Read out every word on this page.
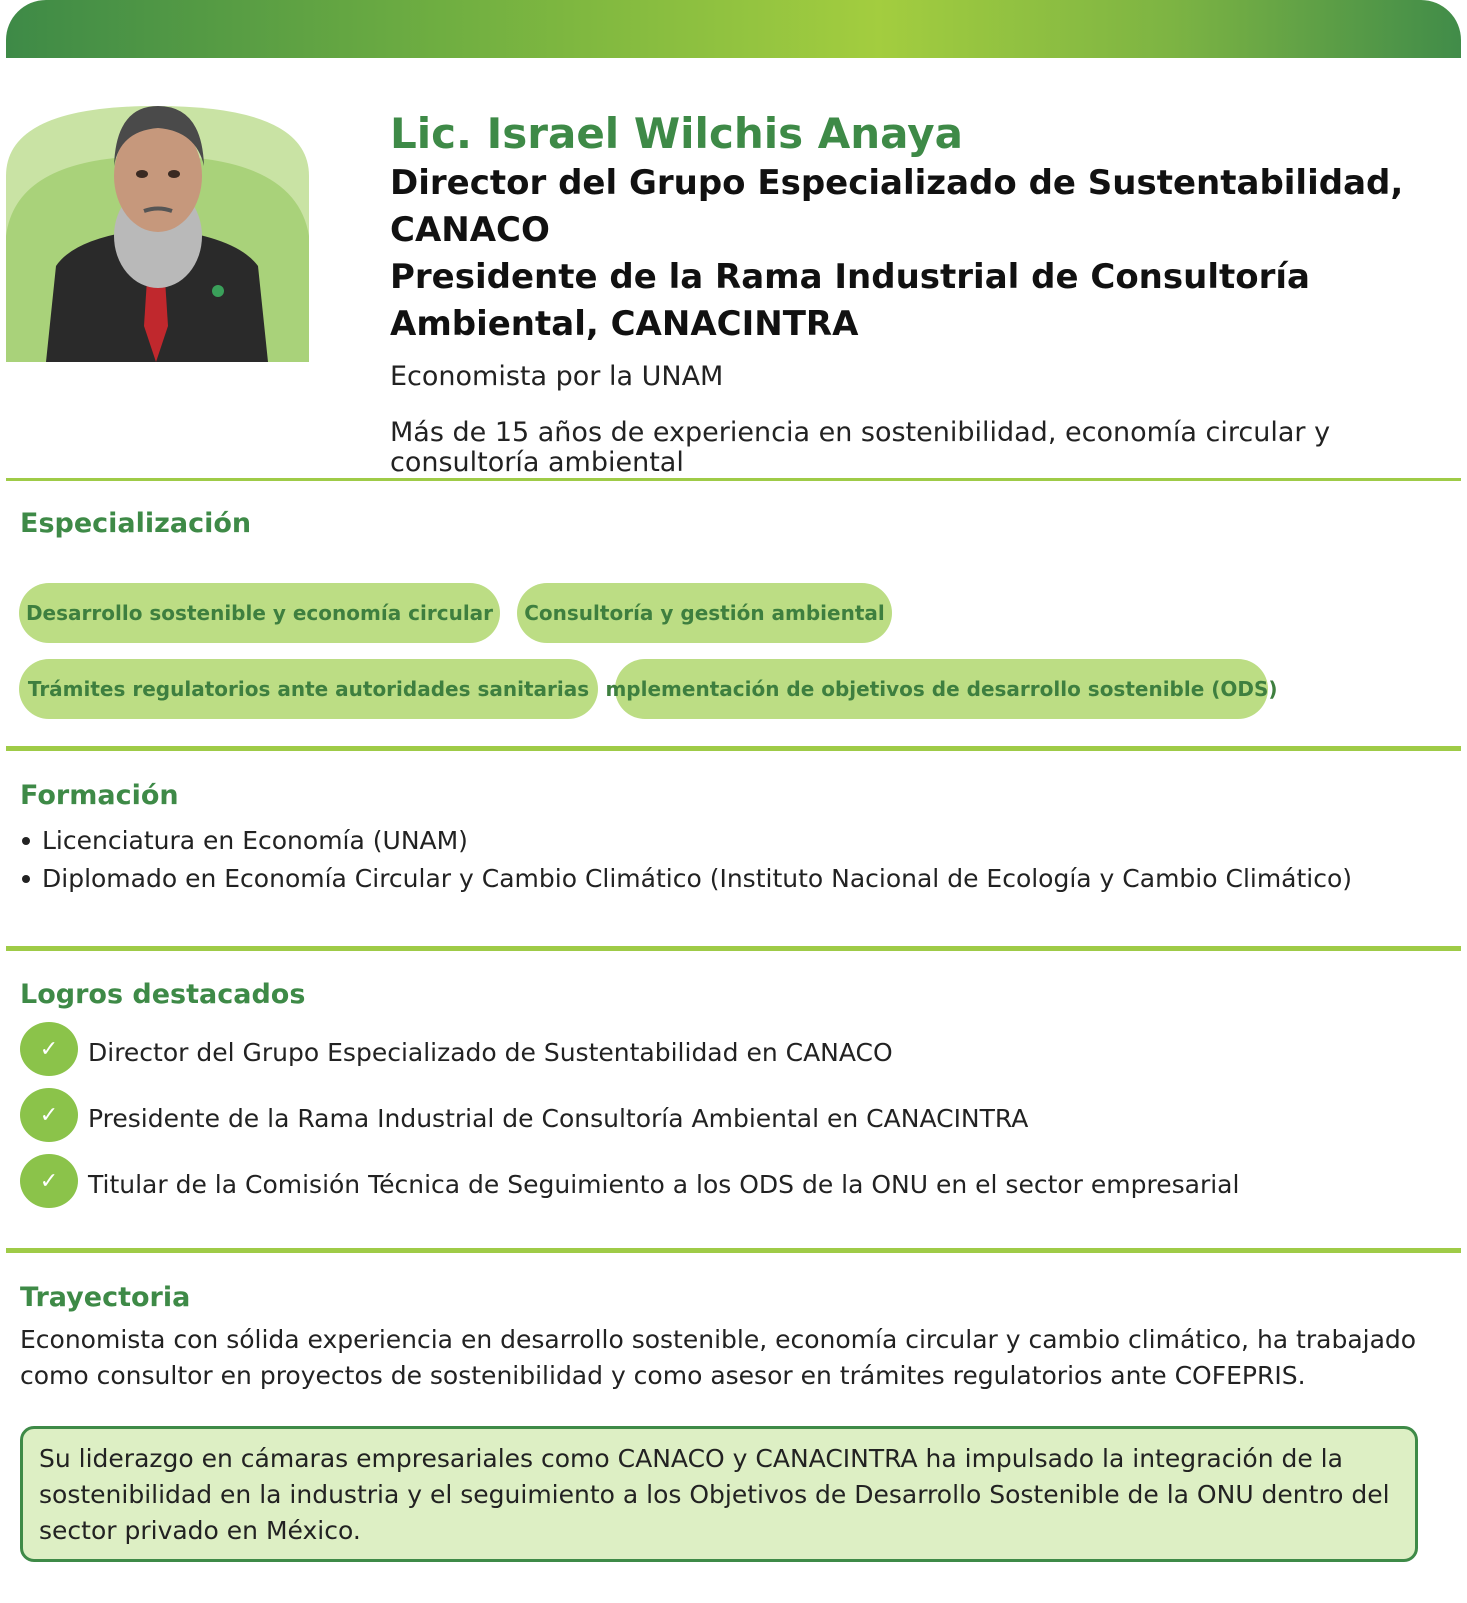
Lic. Israel Wilchis Anaya
Director del Grupo Especializado de Sustentabilidad, CANACO
Presidente de la Rama Industrial de Consultoría Ambiental, CANACINTRA

Economista por la UNAM

Más de 15 años de experiencia en sostenibilidad, economía circular y consultoría ambiental

Especialización
Desarrollo sostenible y economía circular	Consultoría y gestión ambiental
Trámites regulatorios ante autoridades sanitarias mplementación de objetivos de desarrollo sostenible (ODS)
Formación
Licenciatura en Economía (UNAM)
Diplomado en Economía Circular y Cambio Climático (Instituto Nacional de Ecología y Cambio Climático)
Logros destacados
✓	Director del Grupo Especializado de Sustentabilidad en CANACO
✓	Presidente de la Rama Industrial de Consultoría Ambiental en CANACINTRA
✓	Titular de la Comisión Técnica de Seguimiento a los ODS de la ONU en el sector empresarial
Trayectoria

Economista con sólida experiencia en desarrollo sostenible, economía circular y cambio climático, ha trabajado como consultor en proyectos de sostenibilidad y como asesor en trámites regulatorios ante COFEPRIS.

Su liderazgo en cámaras empresariales como CANACO y CANACINTRA ha impulsado la integración de la sostenibilidad en la industria y el seguimiento a los Objetivos de Desarrollo Sostenible de la ONU dentro del sector privado en México.
